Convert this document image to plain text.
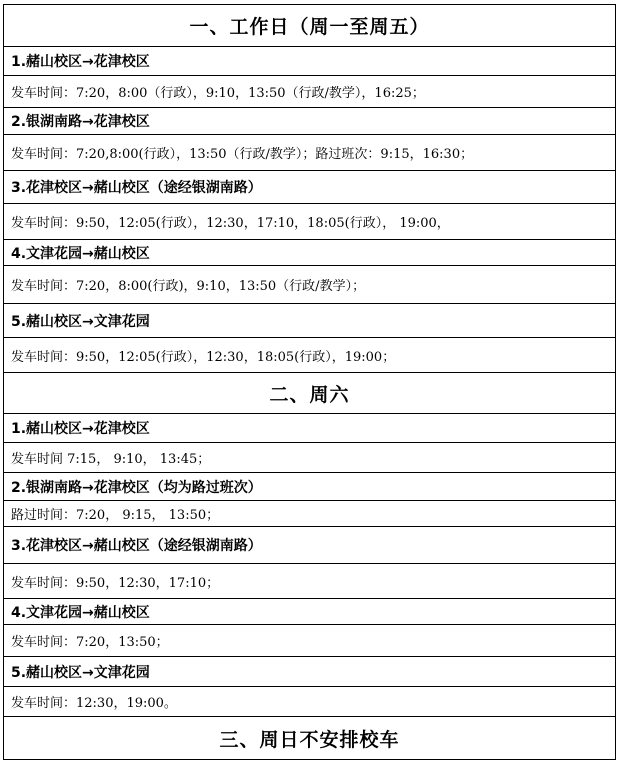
一、工作日（周一至周五）
1.赭山校区→花津校区
发车时间：7:20，8:00（行政），9:10，13:50（行政/教学），16:25；
2.银湖南路→花津校区
发车时间：7:20,8:00(行政），13:50（行政/教学）；路过班次：9:15，16:30；
3.花津校区→赭山校区（途经银湖南路）
发车时间：9:50，12:05(行政），12:30，17:10，18:05(行政）， 19:00，
4.文津花园→赭山校区
发车时间：7:20，8:00(行政)，9:10，13:50（行政/教学）；
5.赭山校区→文津花园
发车时间：9:50，12:05(行政），12:30，18:05(行政），19:00；
二、周六
1.赭山校区→花津校区
发车时间 7:15， 9:10， 13:45；
2.银湖南路→花津校区（均为路过班次）
路过时间：7:20， 9:15， 13:50；
3.花津校区→赭山校区（途经银湖南路）
发车时间：9:50，12:30，17:10；
4.文津花园→赭山校区
发车时间：7:20，13:50；
5.赭山校区→文津花园
发车时间：12:30，19:00。
三、周日不安排校车
